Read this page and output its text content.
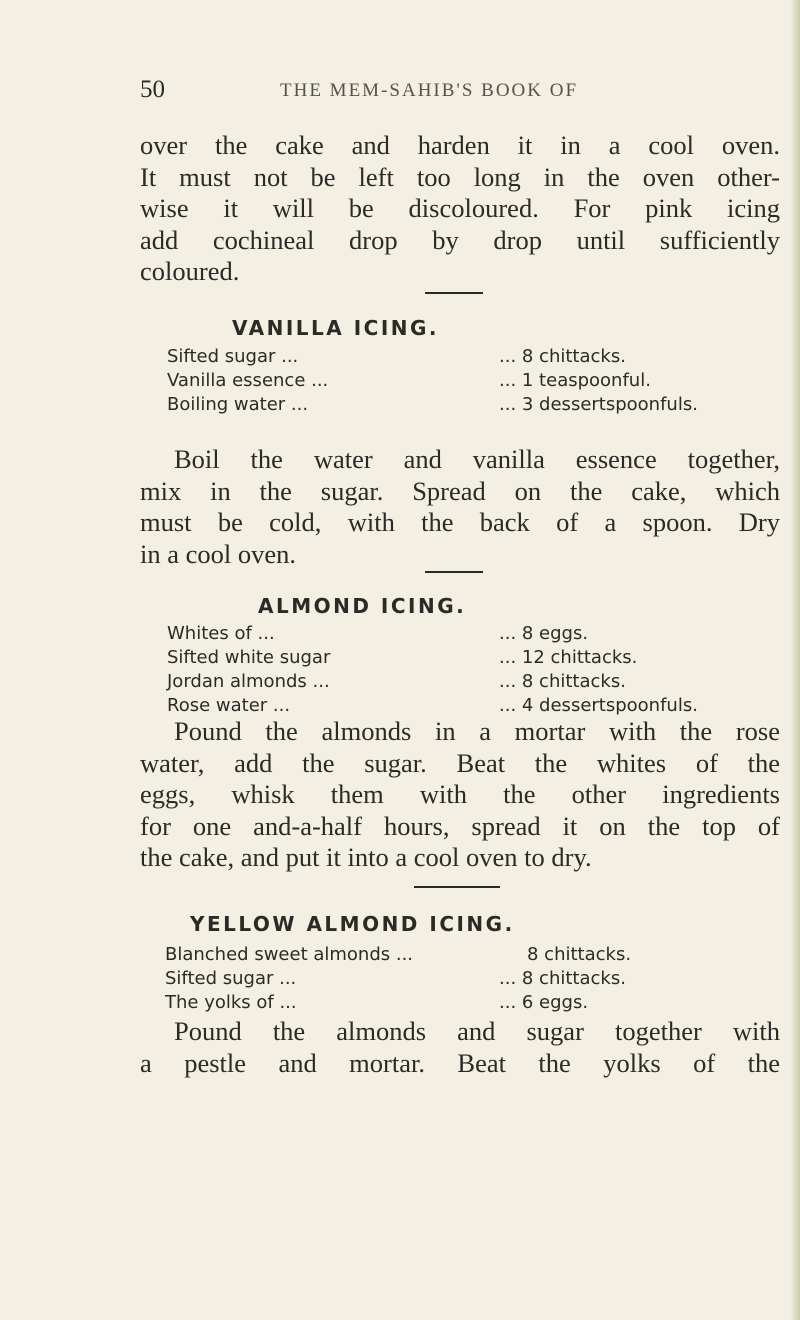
50	THE MEM-SAHIB'S BOOK OF
over the cake and harden it in a cool oven.
It must not be left too long in the oven other-
wise it will be discoloured. For pink icing
add cochineal drop by drop until sufficiently
coloured.
VANILLA ICING.
Sifted sugar ...	... 8 chittacks.
Vanilla essence ...	... 1 teaspoonful.
Boiling water ...	... 3 dessertspoonfuls.
Boil the water and vanilla essence together,
mix in the sugar. Spread on the cake, which
must be cold, with the back of a spoon. Dry
in a cool oven.
ALMOND ICING.
Whites of ...	... 8 eggs.
Sifted white sugar	... 12 chittacks.
Jordan almonds ...	... 8 chittacks.
Rose water ...	... 4 dessertspoonfuls.
Pound the almonds in a mortar with the rose
water, add the sugar. Beat the whites of the
eggs, whisk them with the other ingredients
for one and-a-half hours, spread it on the top of
the cake, and put it into a cool oven to dry.
YELLOW ALMOND ICING.
Blanched sweet almonds ...	8 chittacks.
Sifted sugar ...	... 8 chittacks.
The yolks of ...	... 6 eggs.
Pound the almonds and sugar together with
a pestle and mortar. Beat the yolks of the
